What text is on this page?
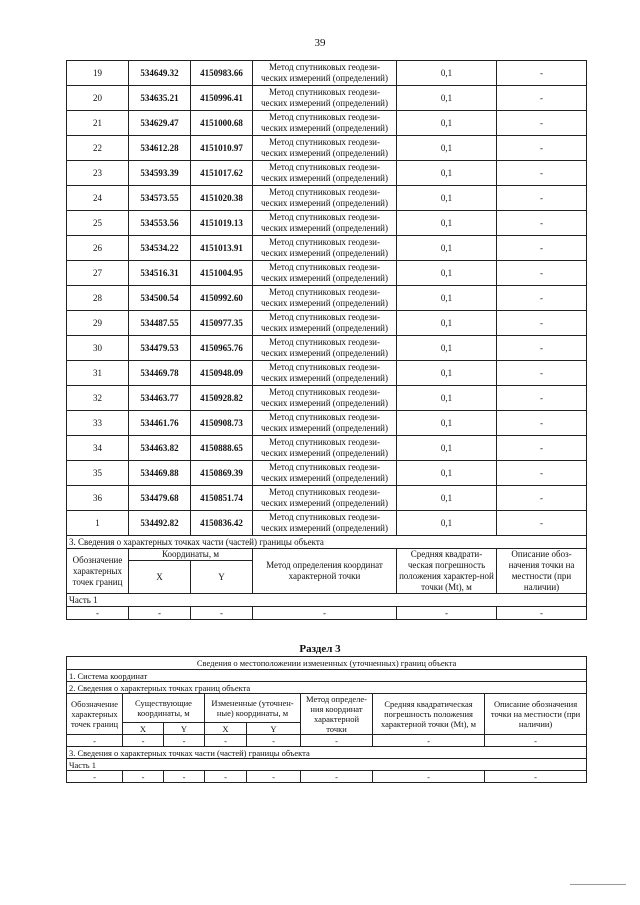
39
19	534649.32	4150983.66	Метод спутниковых геодези-
ческих измерений (определений)	0,1	-
20	534635.21	4150996.41	Метод спутниковых геодези-
ческих измерений (определений)	0,1	-
21	534629.47	4151000.68	Метод спутниковых геодези-
ческих измерений (определений)	0,1	-
22	534612.28	4151010.97	Метод спутниковых геодези-
ческих измерений (определений)	0,1	-
23	534593.39	4151017.62	Метод спутниковых геодези-
ческих измерений (определений)	0,1	-
24	534573.55	4151020.38	Метод спутниковых геодези-
ческих измерений (определений)	0,1	-
25	534553.56	4151019.13	Метод спутниковых геодези-
ческих измерений (определений)	0,1	-
26	534534.22	4151013.91	Метод спутниковых геодези-
ческих измерений (определений)	0,1	-
27	534516.31	4151004.95	Метод спутниковых геодези-
ческих измерений (определений)	0,1	-
28	534500.54	4150992.60	Метод спутниковых геодези-
ческих измерений (определений)	0,1	-
29	534487.55	4150977.35	Метод спутниковых геодези-
ческих измерений (определений)	0,1	-
30	534479.53	4150965.76	Метод спутниковых геодези-
ческих измерений (определений)	0,1	-
31	534469.78	4150948.09	Метод спутниковых геодези-
ческих измерений (определений)	0,1	-
32	534463.77	4150928.82	Метод спутниковых геодези-
ческих измерений (определений)	0,1	-
33	534461.76	4150908.73	Метод спутниковых геодези-
ческих измерений (определений)	0,1	-
34	534463.82	4150888.65	Метод спутниковых геодези-
ческих измерений (определений)	0,1	-
35	534469.88	4150869.39	Метод спутниковых геодези-
ческих измерений (определений)	0,1	-
36	534479.68	4150851.74	Метод спутниковых геодези-
ческих измерений (определений)	0,1	-
1	534492.82	4150836.42	Метод спутниковых геодези-
ческих измерений (определений)	0,1	-
3. Сведения о характерных точках части (частей) границы объекта					
Обозначение характерных точек границ	Координаты, м		Метод определения координат характерной точки	Средняя квадрати-ческая погрешность положения характер-ной точки (Mt), м	Описание обоз-начения точки на местности (при наличии)
	X	Y			
Часть 1					
-	-	-	-	-	-
Раздел 3
Сведения о местоположении измененных (уточненных) границ объекта							
1. Система координат							
2. Сведения о характерных точках границ объекта							
Обозначение характерных точек границ	Существующие координаты, м		Измененные (уточнен-ные) координаты, м		Метод определе-ния координат характерной точки	Средняя квадратическая погрешность положения характерной точки (Mt), м	Описание обозначения точки на местности (при наличии)
	X	Y	X	Y			
-	-	-	-	-	-	-	-
3. Сведения о характерных точках части (частей) границы объекта							
Часть 1							
-	-	-	-	-	-	-	-
